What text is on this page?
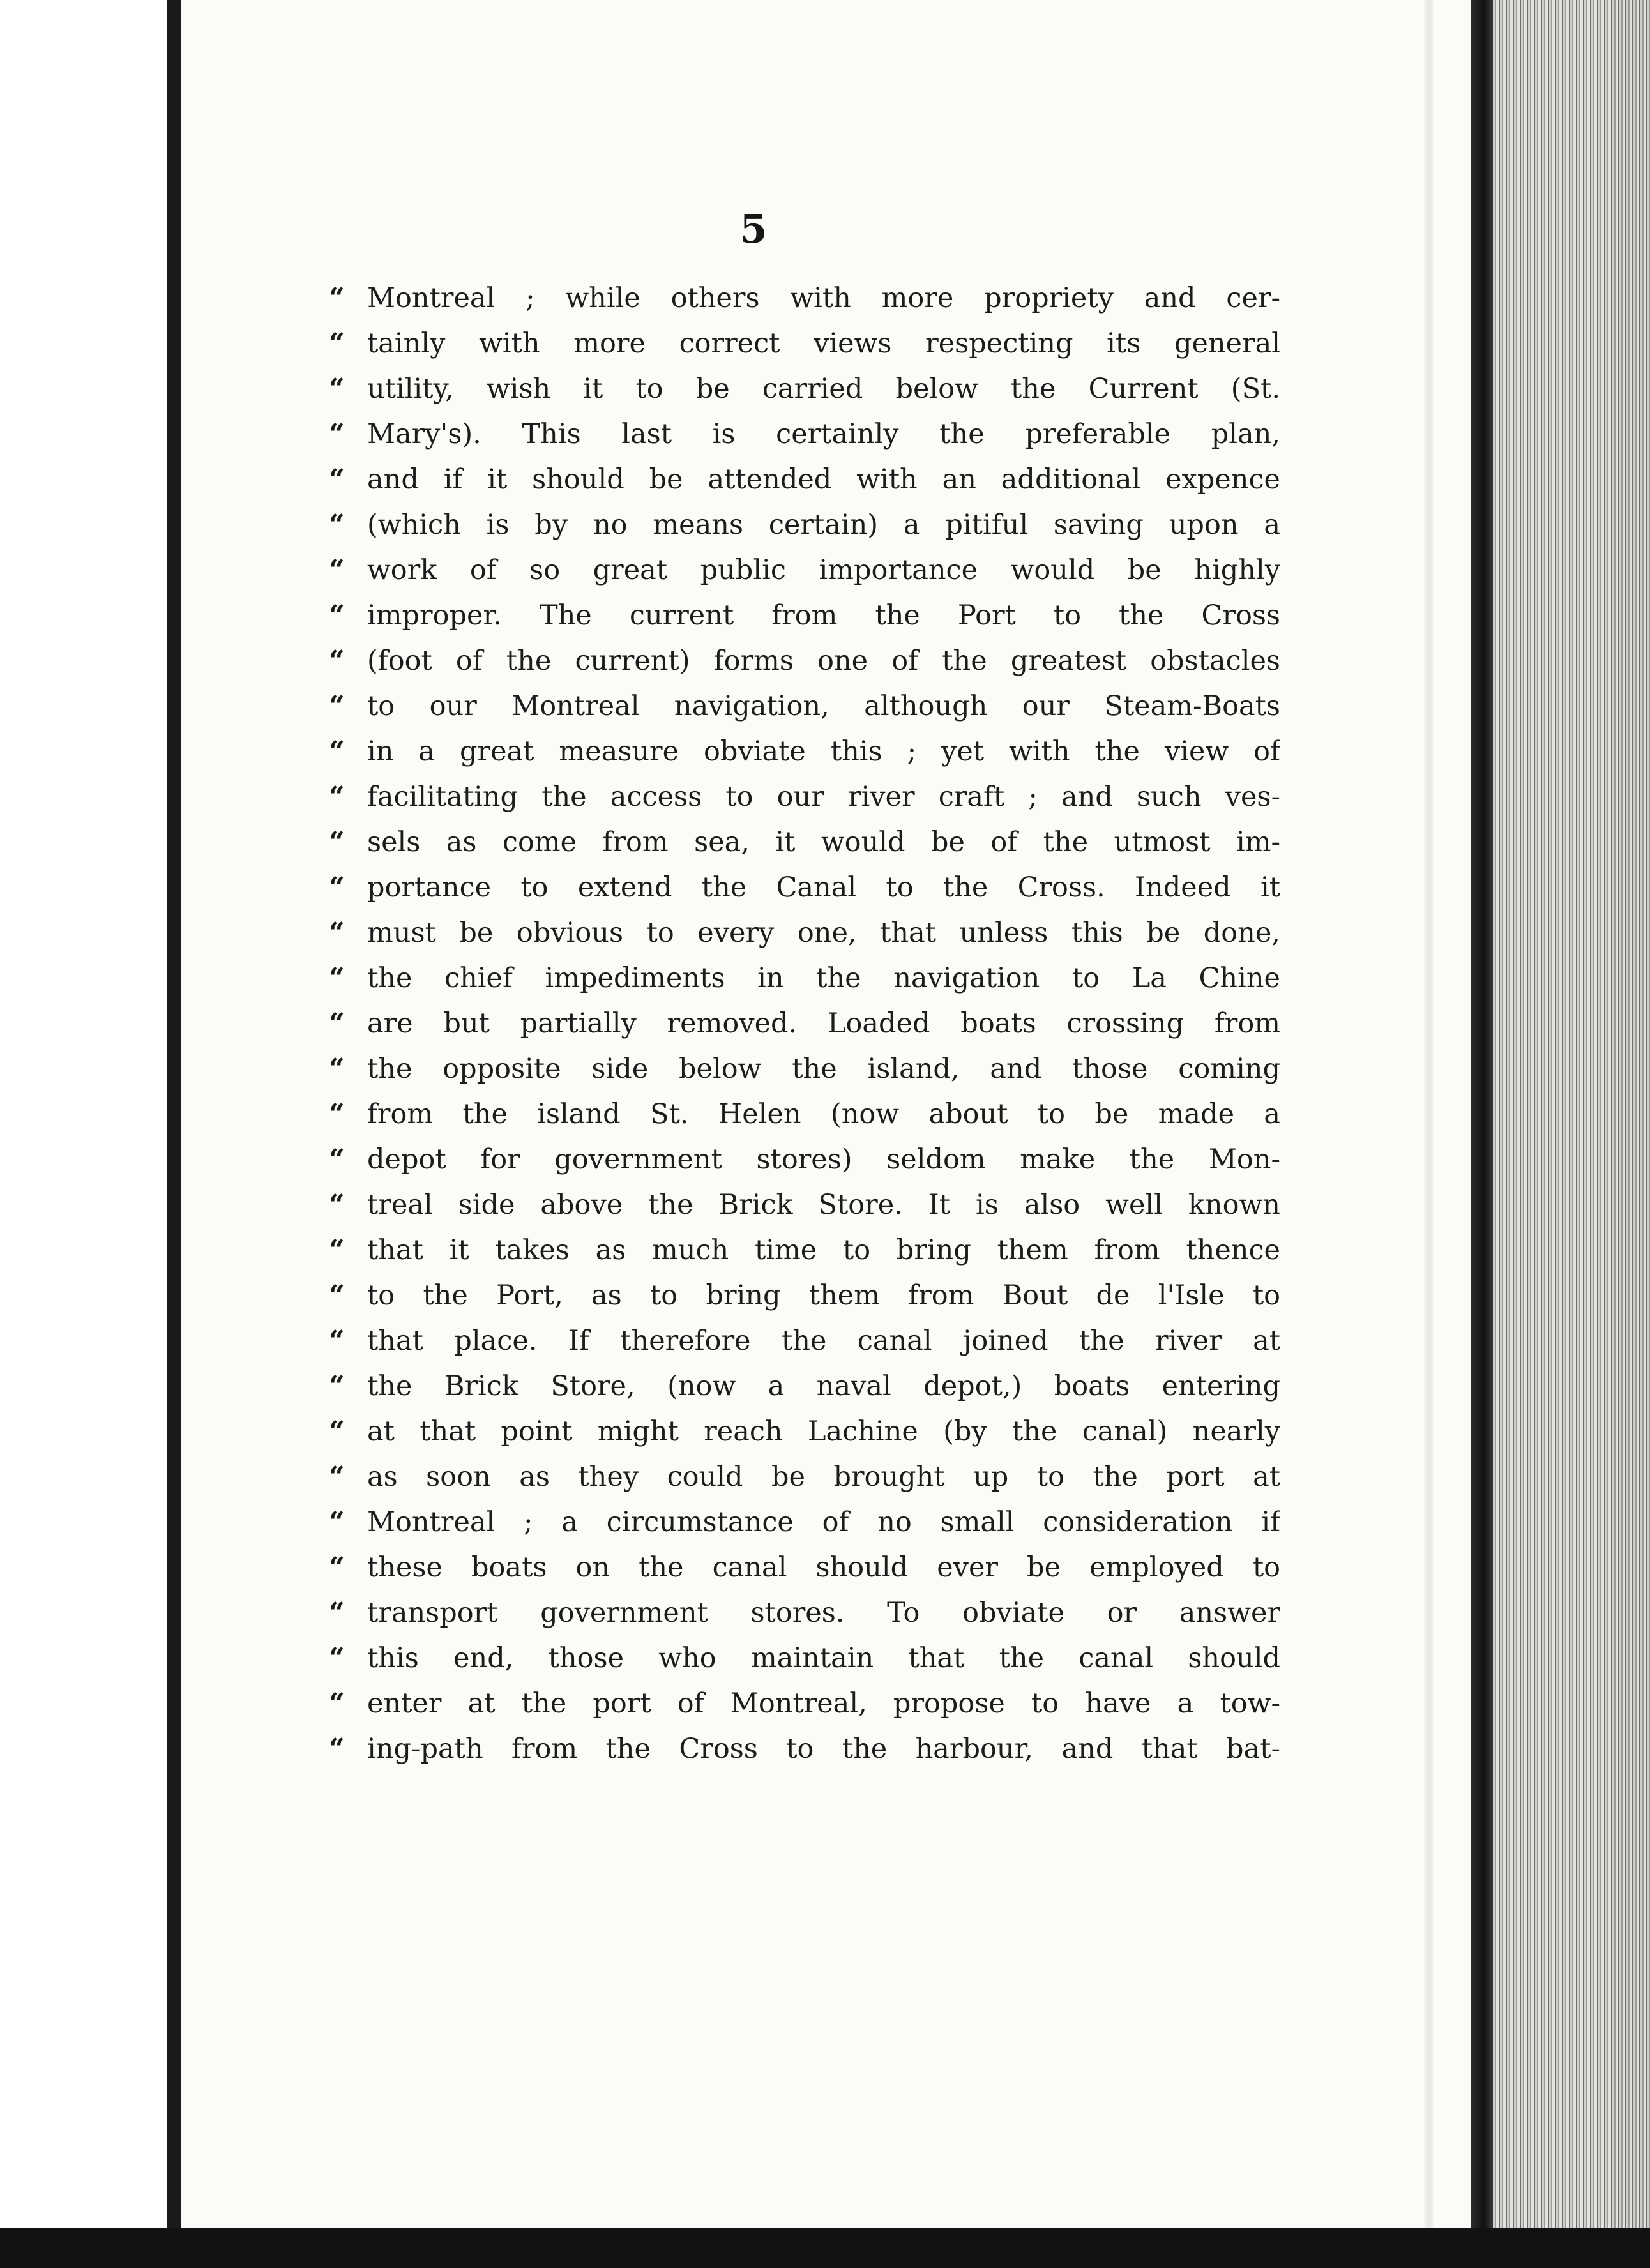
5

“ Montreal ; while others with more propriety and cer-
“ tainly with more correct views respecting its general
“ utility, wish it to be carried below the Current (St.
“ Mary's). This last is certainly the preferable plan,
“ and if it should be attended with an additional expence
“ (which is by no means certain) a pitiful saving upon a
“ work of so great public importance would be highly
“ improper. The current from the Port to the Cross
“ (foot of the current) forms one of the greatest obstacles
“ to our Montreal navigation, although our Steam-Boats
“ in a great measure obviate this ; yet with the view of
“ facilitating the access to our river craft ; and such ves-
“ sels as come from sea, it would be of the utmost im-
“ portance to extend the Canal to the Cross. Indeed it
“ must be obvious to every one, that unless this be done,
“ the chief impediments in the navigation to La Chine
“ are but partially removed. Loaded boats crossing from
“ the opposite side below the island, and those coming
“ from the island St. Helen (now about to be made a
“ depot for government stores) seldom make the Mon-
“ treal side above the Brick Store. It is also well known
“ that it takes as much time to bring them from thence
“ to the Port, as to bring them from Bout de l'Isle to
“ that place. If therefore the canal joined the river at
“ the Brick Store, (now a naval depot,) boats entering
“ at that point might reach Lachine (by the canal) nearly
“ as soon as they could be brought up to the port at
“ Montreal ; a circumstance of no small consideration if
“ these boats on the canal should ever be employed to
“ transport government stores. To obviate or answer
“ this end, those who maintain that the canal should
“ enter at the port of Montreal, propose to have a tow-
“ ing-path from the Cross to the harbour, and that bat-
